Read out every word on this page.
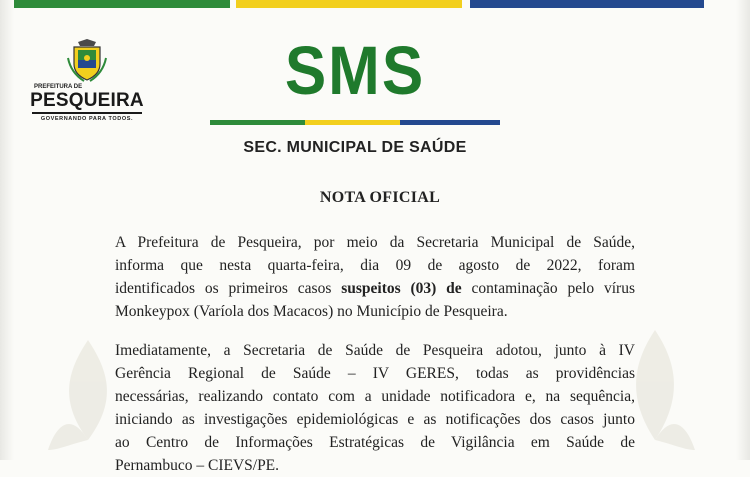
PREFEITURA DE
PESQUEIRA
GOVERNANDO PARA TODOS.
SMS
SEC. MUNICIPAL DE SAÚDE
NOTA OFICIAL
A Prefeitura de Pesqueira, por meio da Secretaria Municipal de Saúde,
informa que nesta quarta-feira, dia 09 de agosto de 2022, foram
identificados os primeiros casos suspeitos (03) de contaminação pelo vírus
Monkeypox (Varíola dos Macacos) no Município de Pesqueira.
Imediatamente, a Secretaria de Saúde de Pesqueira adotou, junto à IV
Gerência Regional de Saúde – IV GERES, todas as providências
necessárias, realizando contato com a unidade notificadora e, na sequência,
iniciando as investigações epidemiológicas e as notificações dos casos junto
ao Centro de Informações Estratégicas de Vigilância em Saúde de
Pernambuco – CIEVS/PE.
